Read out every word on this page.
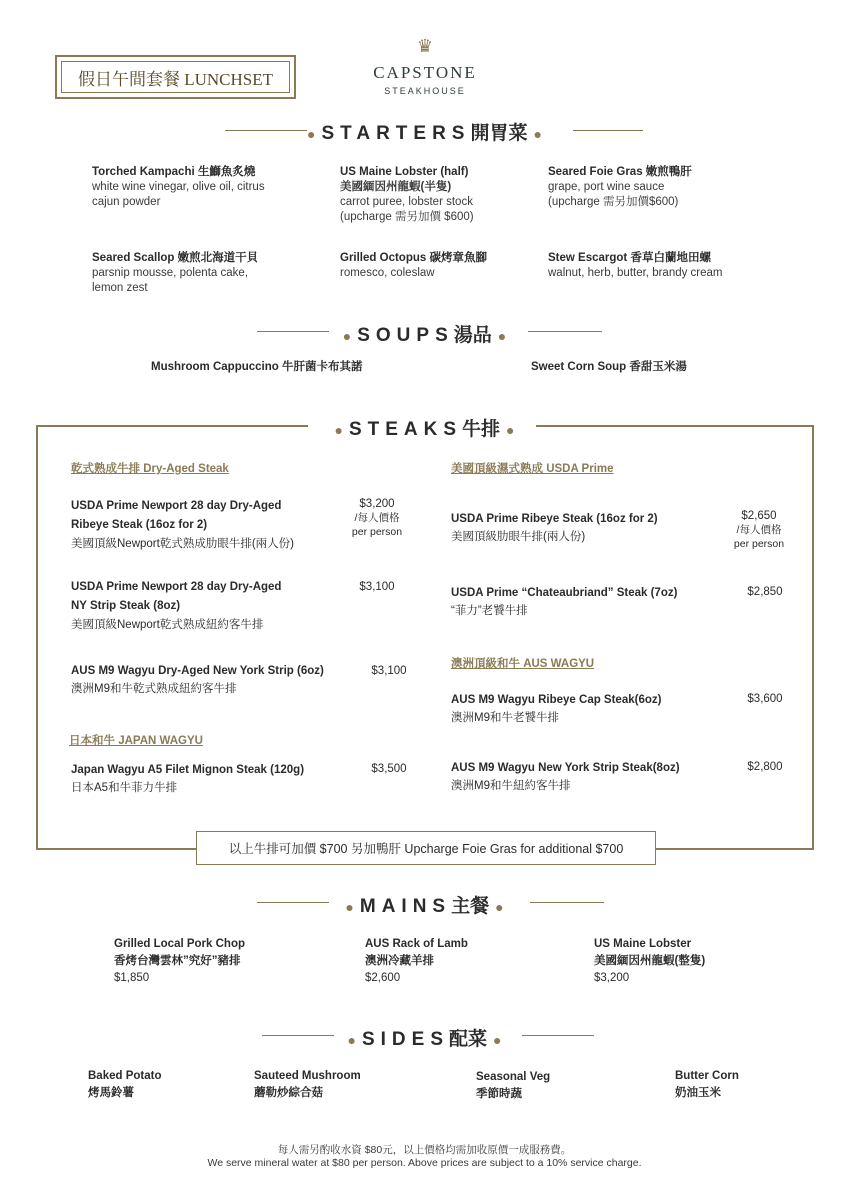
假日午間套餐 LUNCHSET
♛
CAPSTONE
STEAKHOUSE
● STARTERS開胃菜 ●
Torched Kampachi 生鰤魚炙燒
white wine vinegar, olive oil, citrus
cajun powder
US Maine Lobster (half)
美國緬因州龍蝦(半隻)
carrot puree, lobster stock
(upcharge 需另加價 $600)
Seared Foie Gras 嫩煎鴨肝
grape, port wine sauce
(upcharge 需另加價$600)
Seared Scallop 嫩煎北海道干貝
parsnip mousse, polenta cake,
lemon zest
Grilled Octopus 碳烤章魚腳
romesco, coleslaw
Stew Escargot 香草白蘭地田螺
walnut, herb, butter, brandy cream
● SOUPS湯品 ●
Mushroom Cappuccino 牛肝菌卡布其諾	Sweet Corn Soup 香甜玉米湯
● STEAKS牛排 ●
乾式熟成牛排 Dry-Aged Steak	美國頂級濕式熟成 USDA Prime
USDA Prime Newport 28 day Dry-Aged
Ribeye Steak (16oz for 2)
美國頂級Newport乾式熟成肋眼牛排(兩人份)
$3,200
/每人價格
per person
USDA Prime Newport 28 day Dry-Aged
NY Strip Steak (8oz)
美國頂級Newport乾式熟成紐約客牛排
$3,100
AUS M9 Wagyu Dry-Aged New York Strip (6oz)
澳洲M9和牛乾式熟成紐約客牛排
$3,100
日本和牛 JAPAN WAGYU
Japan Wagyu A5 Filet Mignon Steak (120g)
日本A5和牛菲力牛排
$3,500
USDA Prime Ribeye Steak (16oz for 2)
美國頂級肋眼牛排(兩人份)
$2,650
/每人價格
per person
USDA Prime “Chateaubriand” Steak (7oz)
“菲力”老饕牛排
$2,850
澳洲頂級和牛 AUS WAGYU
AUS M9 Wagyu Ribeye Cap Steak(6oz)
澳洲M9和牛老饕牛排
$3,600
AUS M9 Wagyu New York Strip Steak(8oz)
澳洲M9和牛紐約客牛排
$2,800
以上牛排可加價 $700 另加鴨肝 Upcharge Foie Gras for additional $700
● MAINS主餐 ●
Grilled Local Pork Chop
香烤台灣雲林”究好”豬排
$1,850
AUS Rack of Lamb
澳洲冷藏羊排
$2,600
US Maine Lobster
美國緬因州龍蝦(整隻)
$3,200
● SIDES配菜 ●
Baked Potato
烤馬鈴薯
Sauteed Mushroom
蘑勒炒綜合菇
Seasonal Veg
季節時蔬
Butter Corn
奶油玉米
每人需另酌收水資 $80元，以上價格均需加收原價一成服務費。
We serve mineral water at $80 per person. Above prices are subject to a 10% service charge.
